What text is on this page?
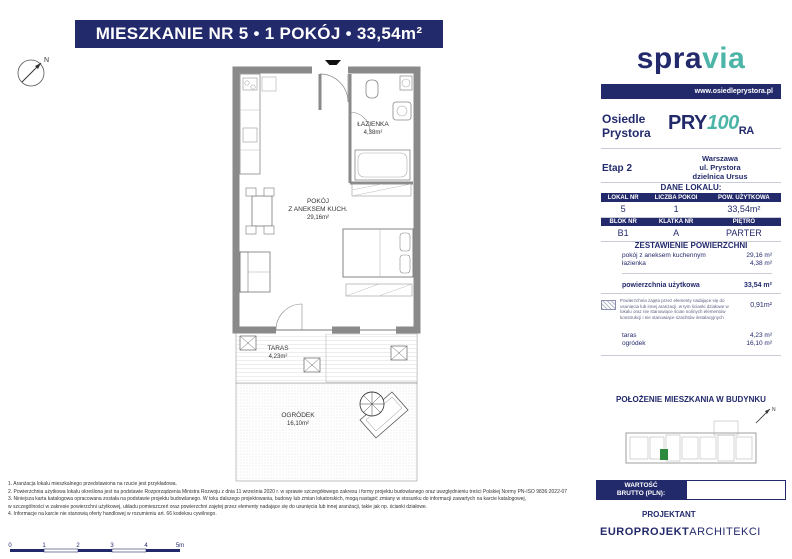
MIESZKANIE NR 5 • 1 POKÓJ • 33,54m²
N
ŁAZIENKA
4,38m²
POKÓJ
Z ANEKSEM KUCH.
29,16m²
TARAS
4,23m²
OGRÓDEK
16,10m²
spravia
www.osiedleprystora.pl
Osiedle Prystora $PRY100_{RA}$
Etap 2
Warszawa
ul. Prystora
dzielnica Ursus
DANE LOKALU:
LOKAL NR	LICZBA POKOI	POW. UŻYTKOWA
5	1	33,54m²
BLOK NR	KLATKA NR	PIĘTRO
B1	A	PARTER
ZESTAWIENIE POWIERZCHNI
pokój z aneksem kuchennym	29,16 m²
łazienka	4,38 m²
powierzchnia użytkowa	33,54 m²
Powierzchnia zajęta przez elementy nadające się do usunięcia lub innej aranżacji, w tym ścianki działowe w lokalu oraz nie stanowiące ścian nośnych elementów konstrukcji i nie stanowiące szachtów instalacyjnych
0,91m²
taras	4,23 m²
ogródek	16,10 m²
POŁOŻENIE MIESZKANIA W BUDYNKU
N
WARTOŚĆ
BRUTTO (PLN):
1. Aranżacja lokalu mieszkalnego przedstawiona na rzucie jest przykładowa.
2. Powierzchnia użytkowa lokalu określona jest na podstawie Rozporządzenia Ministra Rozwoju z dnia 11 września 2020 r. w sprawie szczegółowego zakresu i formy projektu budowlanego oraz uwzględnieniu treści Polskiej Normy PN-ISO 9836:2022-07
3. Niniejsza karta katalogowa opracowana została na podstawie projektu budowlanego. W toku dalszego projektowania, budowy lub zmian lokatorskich, mogą nastąpić zmiany w stosunku do informacji zawartych na karcie katalogowej,
w szczególności w zakresie powierzchni użytkowej, układu pomieszczeń oraz powierzchni zajętej przez elementy nadające się do usunięcia lub innej aranżacji, takie jak np. ścianki działowe.
4. Informacje na karcie nie stanowią oferty handlowej w rozumieniu art. 66 kodeksu cywilnego.
0	1	2	3	4	5m
PROJEKTANT
EUROPROJEKTARCHITEKCI
